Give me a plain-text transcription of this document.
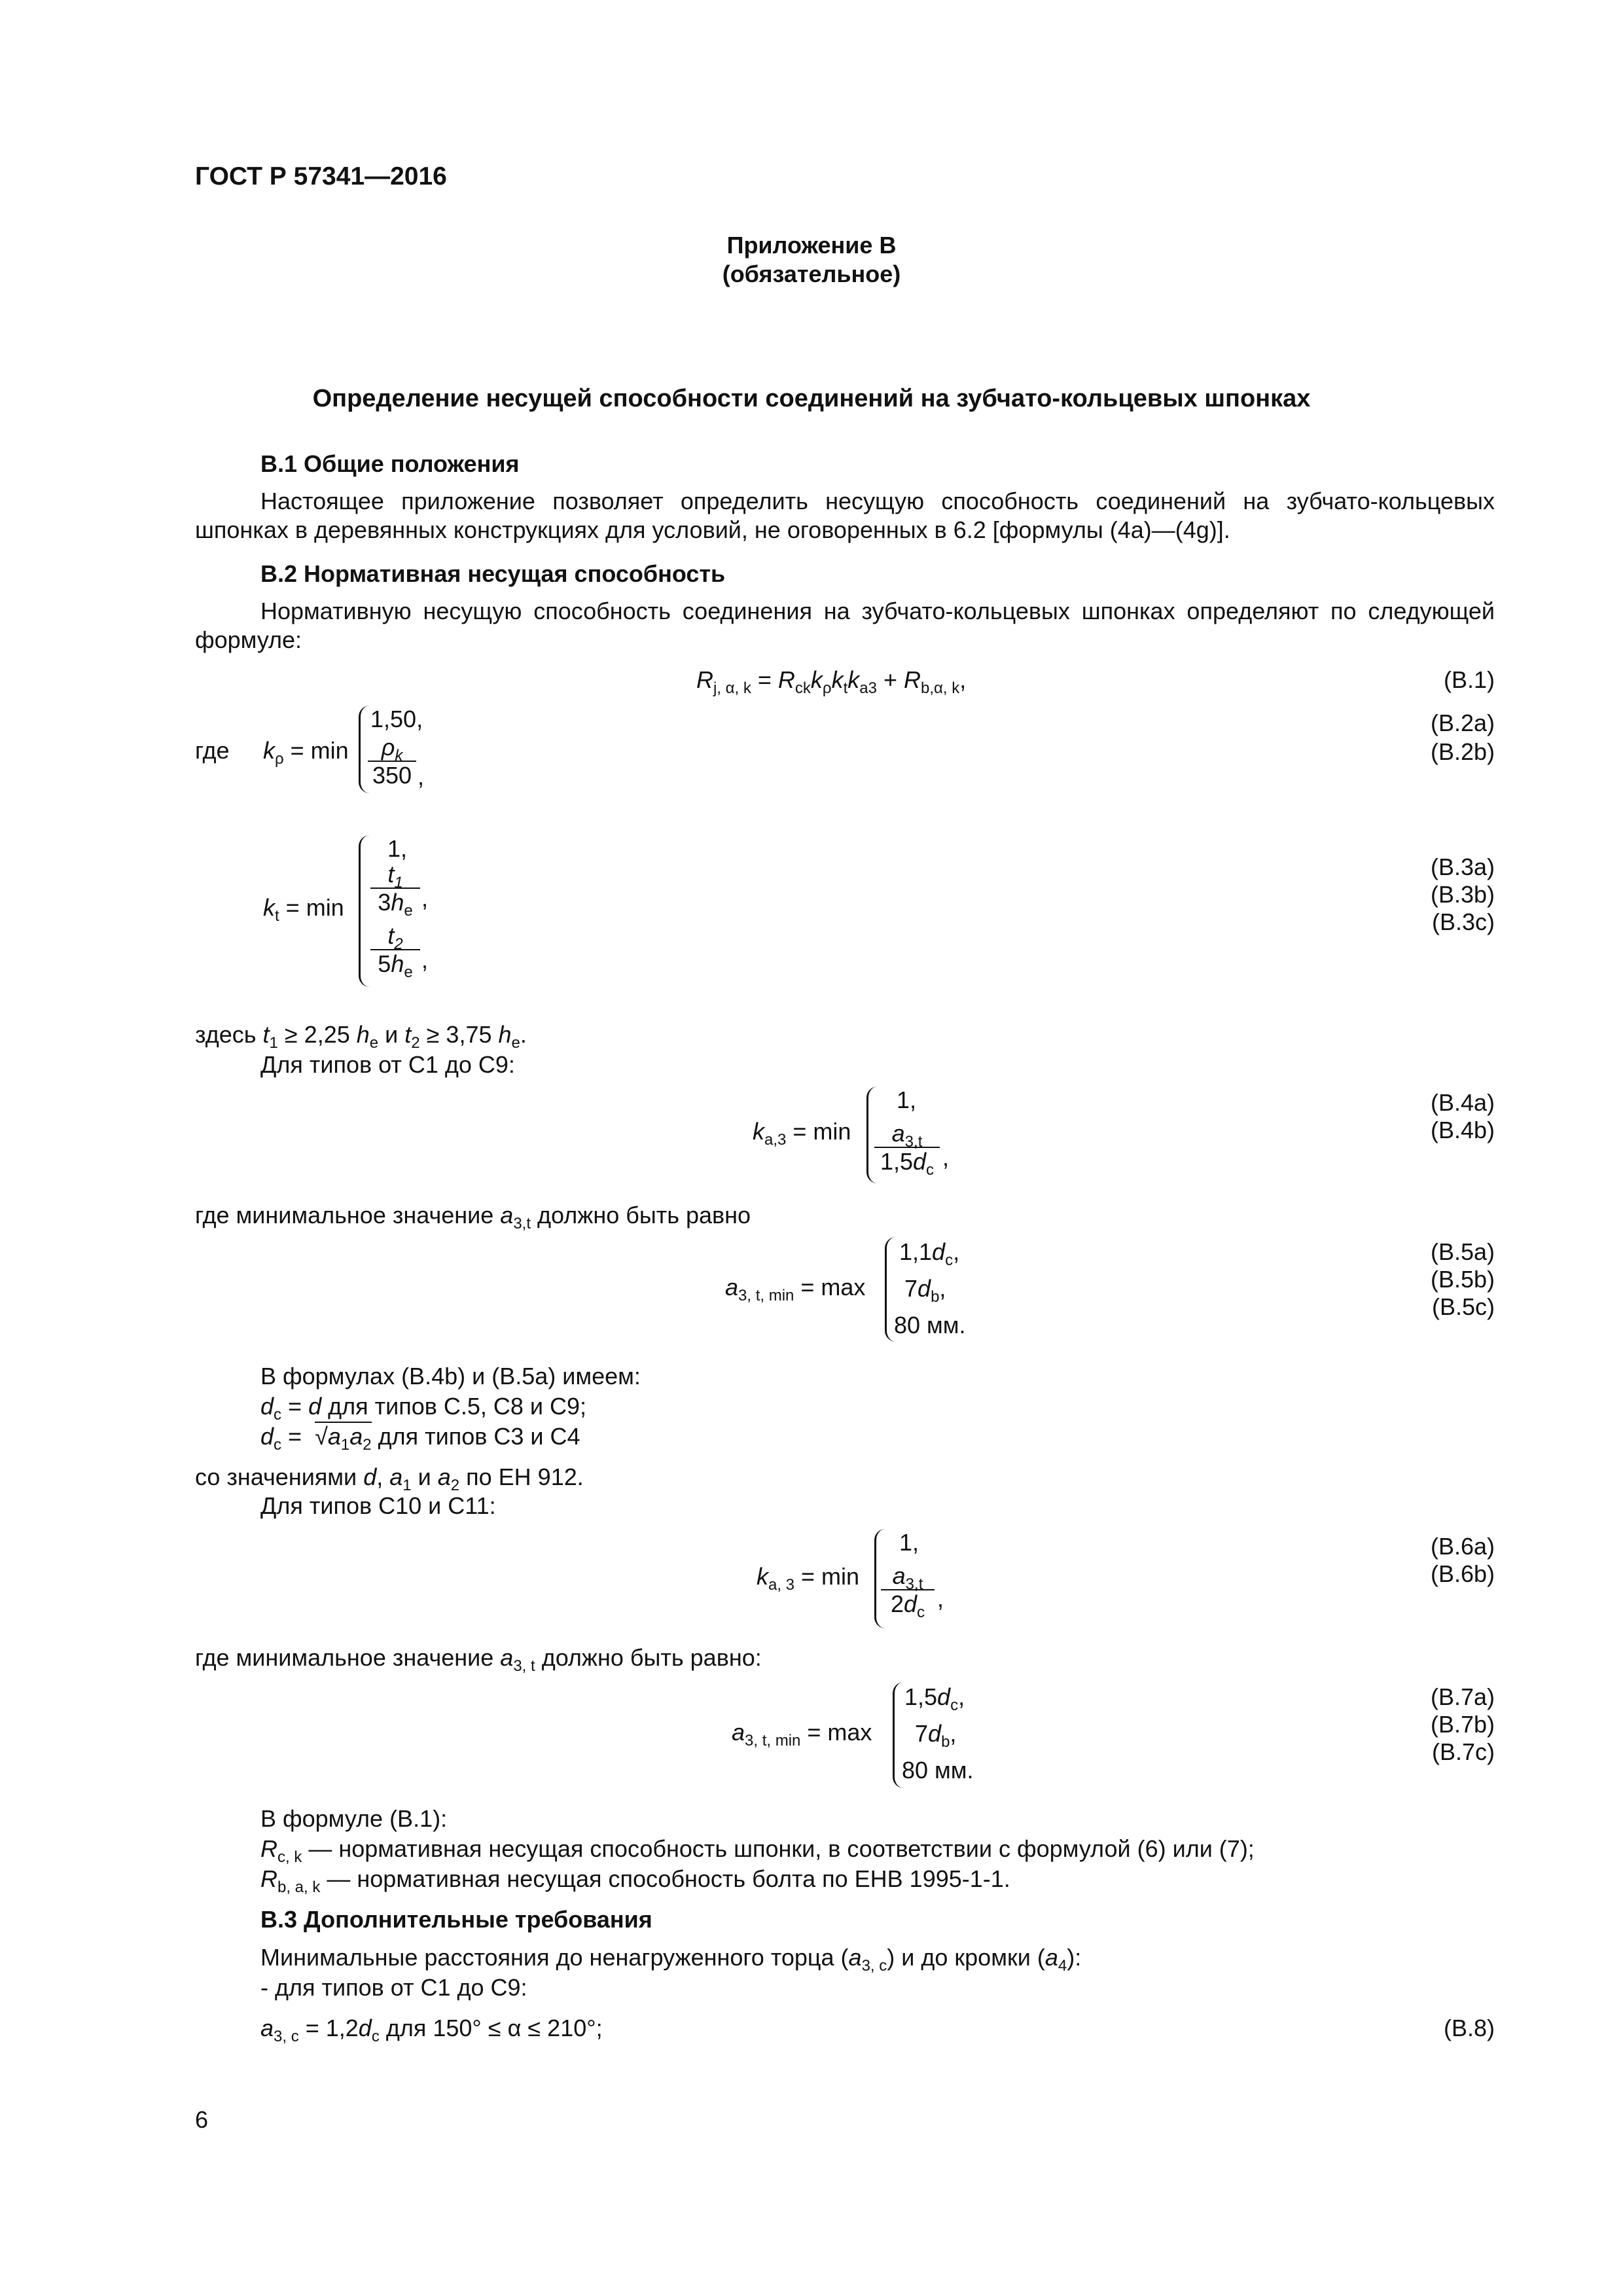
ГОСТ Р 57341—2016
Приложение В
(обязательное)
Определение несущей способности соединений на зубчато-кольцевых шпонках
В.1 Общие положения
Настоящее приложение позволяет определить несущую способность соединений на зубчато-кольцевых
шпонках в деревянных конструкциях для условий, не оговоренных в 6.2 [формулы (4а)—(4g)].
В.2 Нормативная несущая способность
Нормативную несущую способность соединения на зубчато-кольцевых шпонках определяют по следующей
формуле:
$R_{j, \alpha, k} = R_{ck}k_\rho k_tk_{a3} + R_{b,\alpha, k}$,	(В.1)
где $k_\rho = \min$
1,50,
$\frac{\rho_k}{350}$ ,
(В.2a)
(В.2b)
$k_t = \min$
1,
$\frac{t_1}{3h_e}$ ,
$\frac{t_2}{5h_e}$ ,
(В.3a)
(В.3b)
(В.3c)
здесь $t_1 \ge 2,25$ $h_e$ и $t_2 \ge 3,75$ $h_e$.
Для типов от С1 до С9:
$k_{a,3} = \min$
1,
$\frac{a_{3,t}}{1,5d_c}$ ,
(В.4a)
(В.4b)
где минимальное значение $a_{3,t}$ должно быть равно
$a_{3, t, min} = \max$
$1,1d_c$,
$7d_b$,
80 мм.
(В.5a)
(В.5b)
(В.5c)
В формулах (В.4b) и (В.5a) имеем:
$d_c = d$ для типов С.5, С8 и С9;
$d_c = √a_1a_2$ для типов С3 и С4
со значениями d, $a_1$ и $a_2$ по ЕН 912.
Для типов С10 и С11:
$k_{a, 3} = \min$
1,
$\frac{a_{3,t}}{2d_c}$ ,
(В.6a)
(В.6b)
где минимальное значение $a_{3, t}$ должно быть равно:
$a_{3, t, min} = \max$
$1,5d_c$,
$7d_b$,
80 мм.
(В.7a)
(В.7b)
(В.7c)
В формуле (В.1):
$R_{c, k}$ — нормативная несущая способность шпонки, в соответствии с формулой (6) или (7);
$R_{b, a, k}$ — нормативная несущая способность болта по ЕНВ 1995-1-1.
В.3 Дополнительные требования
Минимальные расстояния до ненагруженного торца $(a_{3, c})$ и до кромки $(a_4)$:
- для типов от С1 до С9:
$a_{3, c} = 1,2d_c$ для 150° ≤ α ≤ 210°;	(В.8)
6
